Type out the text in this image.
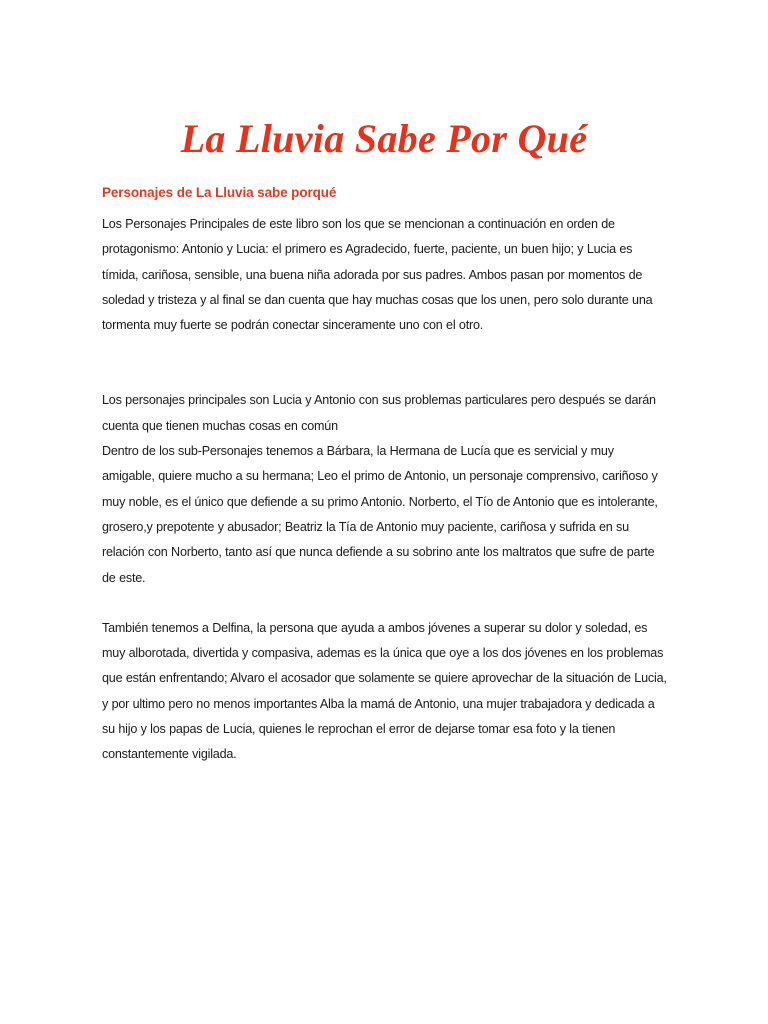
La Lluvia Sabe Por Qué

Personajes de La Lluvia sabe porqué

Los Personajes Principales de este libro son los que se mencionan a continuación en orden de protagonismo: Antonio y Lucia: el primero es Agradecido, fuerte, paciente, un buen hijo; y Lucia es tímida, cariñosa, sensible, una buena niña adorada por sus padres. Ambos pasan por momentos de soledad y tristeza y al final se dan cuenta que hay muchas cosas que los unen, pero solo durante una tormenta muy fuerte se podrán conectar sinceramente uno con el otro.

Los personajes principales son Lucia y Antonio con sus problemas particulares pero después se darán cuenta que tienen muchas cosas en común

Dentro de los sub-Personajes tenemos a Bárbara, la Hermana de Lucía que es servicial y muy amigable, quiere mucho a su hermana; Leo el primo de Antonio, un personaje comprensivo, cariñoso y muy noble, es el único que defiende a su primo Antonio. Norberto, el Tío de Antonio que es intolerante, grosero,y prepotente y abusador; Beatriz la Tía de Antonio muy paciente, cariñosa y sufrida en su relación con Norberto, tanto así que nunca defiende a su sobrino ante los maltratos que sufre de parte de este.

También tenemos a Delfina, la persona que ayuda a ambos jóvenes a superar su dolor y soledad, es muy alborotada, divertida y compasiva, ademas es la única que oye a los dos jóvenes en los problemas que están enfrentando; Alvaro el acosador que solamente se quiere aprovechar de la situación de Lucia, y por ultimo pero no menos importantes Alba la mamá de Antonio, una mujer trabajadora y dedicada a su hijo y los papas de Lucia, quienes le reprochan el error de dejarse tomar esa foto y la tienen constantemente vigilada.
